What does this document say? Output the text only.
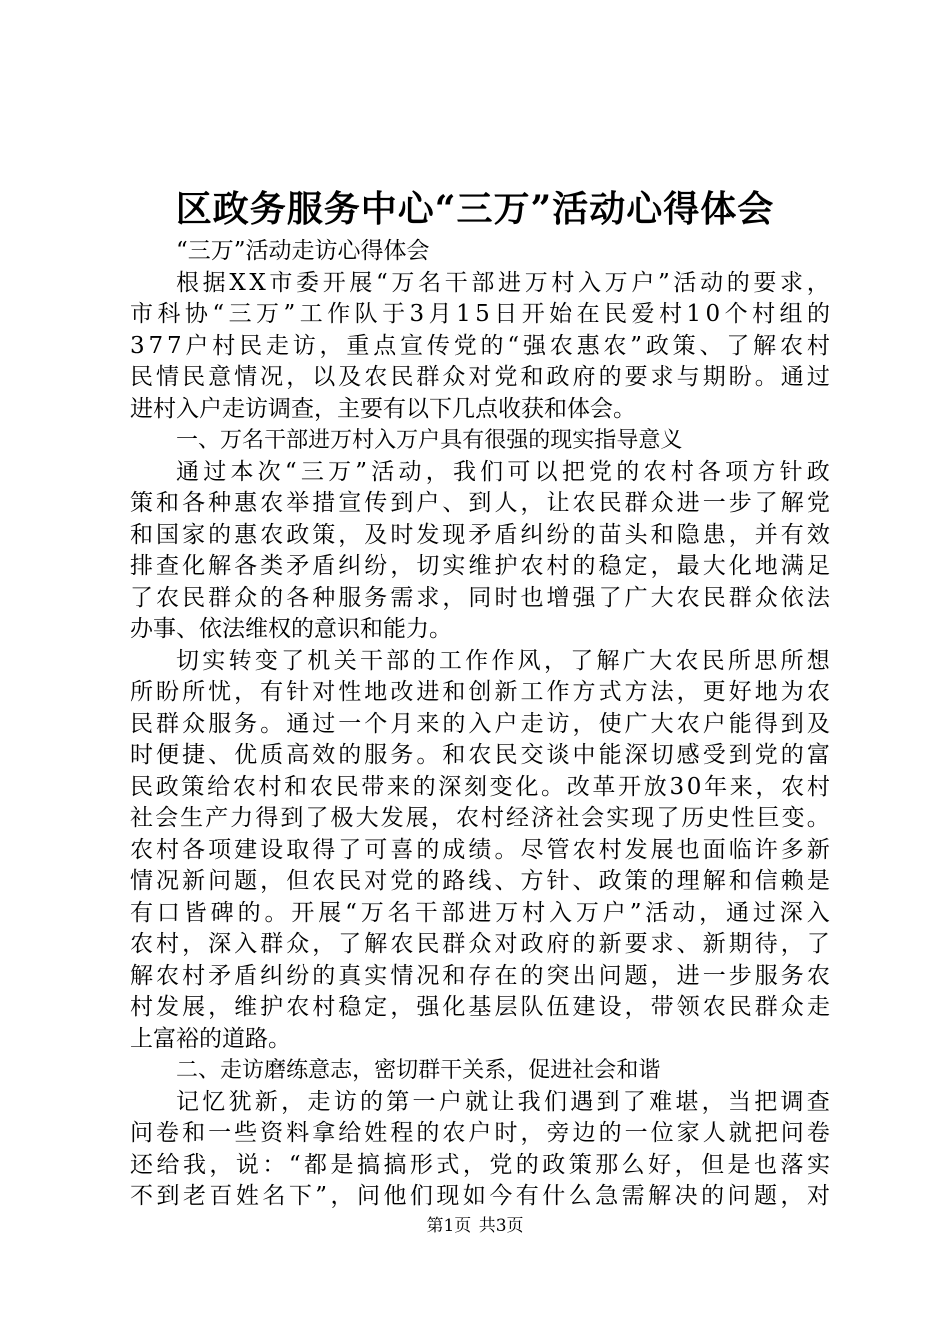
区政务服务中心“三万”活动心得体会
“三万”活动走访心得体会
根 据 X X 市 委 开 展 “ 万 名 干 部 进 万 村 入 万 户 ” 活 动 的 要 求 ，
市 科 协 “ 三 万 ” 工 作 队 于 3 月 1 5 日 开 始 在 民 爱 村 1 0 个 村 组 的
3 7 7 户 村 民 走 访 ， 重 点 宣 传 党 的 “ 强 农 惠 农 ” 政 策 、 了 解 农 村
民 情 民 意 情 况 ， 以 及 农 民 群 众 对 党 和 政 府 的 要 求 与 期 盼 。 通 过
进村入户走访调查，主要有以下几点收获和体会。
一 、 万 名 干 部 进 万 村 入 万 户 具 有 很 强 的 现 实 指 导 意 义
通 过 本 次 “ 三 万 ” 活 动 ， 我 们 可 以 把 党 的 农 村 各 项 方 针 政
策 和 各 种 惠 农 举 措 宣 传 到 户 、 到 人 ， 让 农 民 群 众 进 一 步 了 解 党
和 国 家 的 惠 农 政 策 ， 及 时 发 现 矛 盾 纠 纷 的 苗 头 和 隐 患 ， 并 有 效
排 查 化 解 各 类 矛 盾 纠 纷 ， 切 实 维 护 农 村 的 稳 定 ， 最 大 化 地 满 足
了 农 民 群 众 的 各 种 服 务 需 求 ， 同 时 也 增 强 了 广 大 农 民 群 众 依 法
办事、依法维权的意识和能力。
切 实 转 变 了 机 关 干 部 的 工 作 作 风 ， 了 解 广 大 农 民 所 思 所 想
所 盼 所 忧 ， 有 针 对 性 地 改 进 和 创 新 工 作 方 式 方 法 ， 更 好 地 为 农
民 群 众 服 务 。 通 过 一 个 月 来 的 入 户 走 访 ， 使 广 大 农 户 能 得 到 及
时 便 捷 、 优 质 高 效 的 服 务 。 和 农 民 交 谈 中 能 深 切 感 受 到 党 的 富
民 政 策 给 农 村 和 农 民 带 来 的 深 刻 变 化 。 改 革 开 放 3 0 年 来 ， 农 村
社 会 生 产 力 得 到 了 极 大 发 展 ， 农 村 经 济 社 会 实 现 了 历 史 性 巨 变 。
农 村 各 项 建 设 取 得 了 可 喜 的 成 绩 。 尽 管 农 村 发 展 也 面 临 许 多 新
情 况 新 问 题 ， 但 农 民 对 党 的 路 线 、 方 针 、 政 策 的 理 解 和 信 赖 是
有 口 皆 碑 的 。 开 展 “ 万 名 干 部 进 万 村 入 万 户 ” 活 动 ， 通 过 深 入
农 村 ， 深 入 群 众 ， 了 解 农 民 群 众 对 政 府 的 新 要 求 、 新 期 待 ， 了
解 农 村 矛 盾 纠 纷 的 真 实 情 况 和 存 在 的 突 出 问 题 ， 进 一 步 服 务 农
村 发 展 ， 维 护 农 村 稳 定 ， 强 化 基 层 队 伍 建 设 ， 带 领 农 民 群 众 走
上富裕的道路。
二 、 走 访 磨 练 意 志 ， 密 切 群 干 关 系 ， 促 进 社 会 和 谐
记 忆 犹 新 ， 走 访 的 第 一 户 就 让 我 们 遇 到 了 难 堪 ， 当 把 调 查
问 卷 和 一 些 资 料 拿 给 姓 程 的 农 户 时 ， 旁 边 的 一 位 家 人 就 把 问 卷
还 给 我 ， 说 ： “ 都 是 搞 搞 形 式 ， 党 的 政 策 那 么 好 ， 但 是 也 落 实
不 到 老 百 姓 名 下 ” ， 问 他 们 现 如 今 有 什 么 急 需 解 决 的 问 题 ， 对
第1页 共3页
